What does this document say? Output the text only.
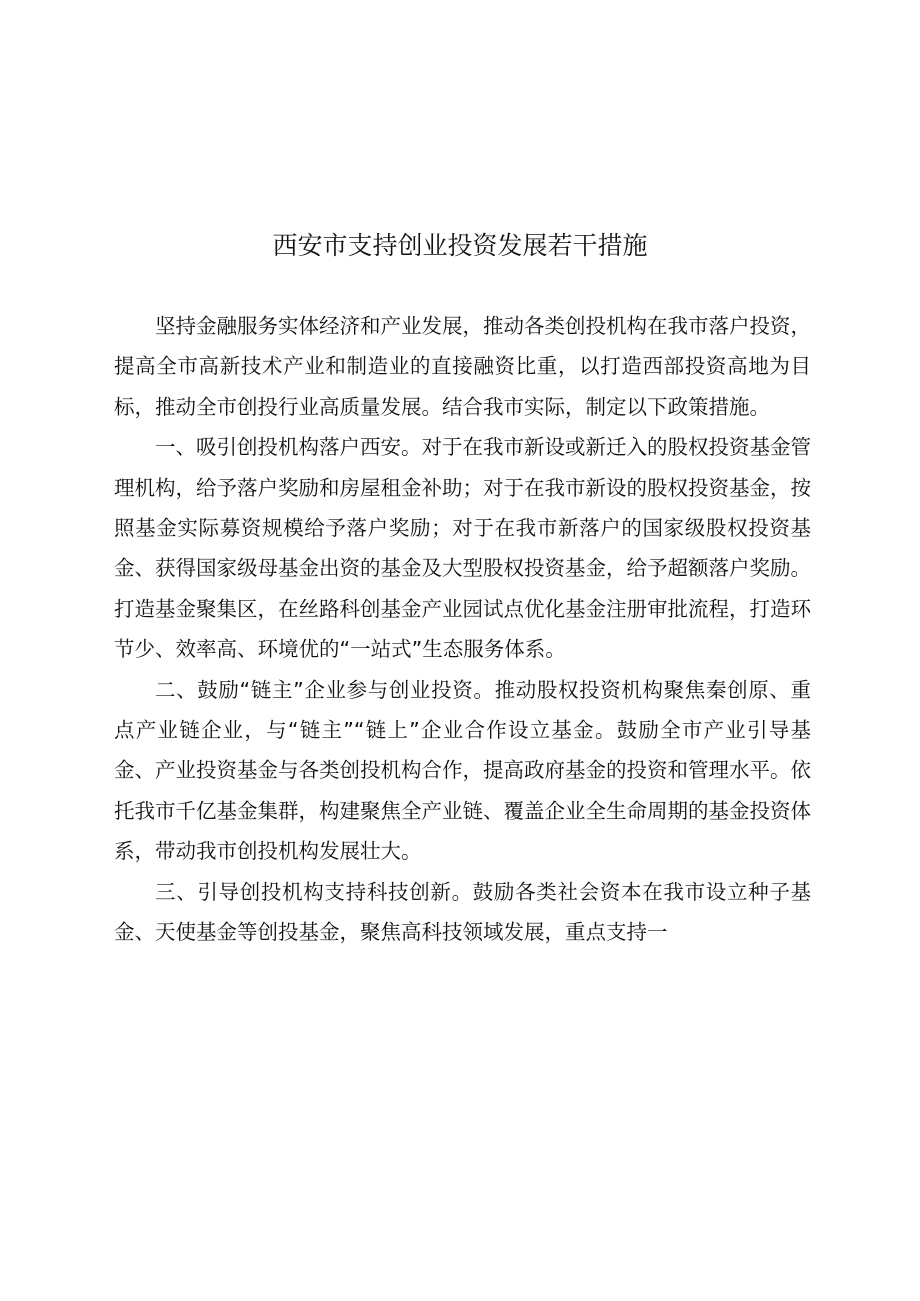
西安市支持创业投资发展若干措施

坚持金融服务实体经济和产业发展，推动各类创投机构在我市落户投资，提高全市高新技术产业和制造业的直接融资比重，以打造西部投资高地为目标，推动全市创投行业高质量发展。结合我市实际，制定以下政策措施。

一、吸引创投机构落户西安。对于在我市新设或新迁入的股权投资基金管理机构，给予落户奖励和房屋租金补助；对于在我市新设的股权投资基金，按照基金实际募资规模给予落户奖励；对于在我市新落户的国家级股权投资基金、获得国家级母基金出资的基金及大型股权投资基金，给予超额落户奖励。打造基金聚集区，在丝路科创基金产业园试点优化基金注册审批流程，打造环节少、效率高、环境优的“一站式”生态服务体系。

二、鼓励“链主”企业参与创业投资。推动股权投资机构聚焦秦创原、重点产业链企业，与“链主”“链上”企业合作设立基金。鼓励全市产业引导基金、产业投资基金与各类创投机构合作，提高政府基金的投资和管理水平。依托我市千亿基金集群，构建聚焦全产业链、覆盖企业全生命周期的基金投资体系，带动我市创投机构发展壮大。

三、引导创投机构支持科技创新。鼓励各类社会资本在我市设立种子基金、天使基金等创投基金，聚焦高科技领域发展，重点支持一
